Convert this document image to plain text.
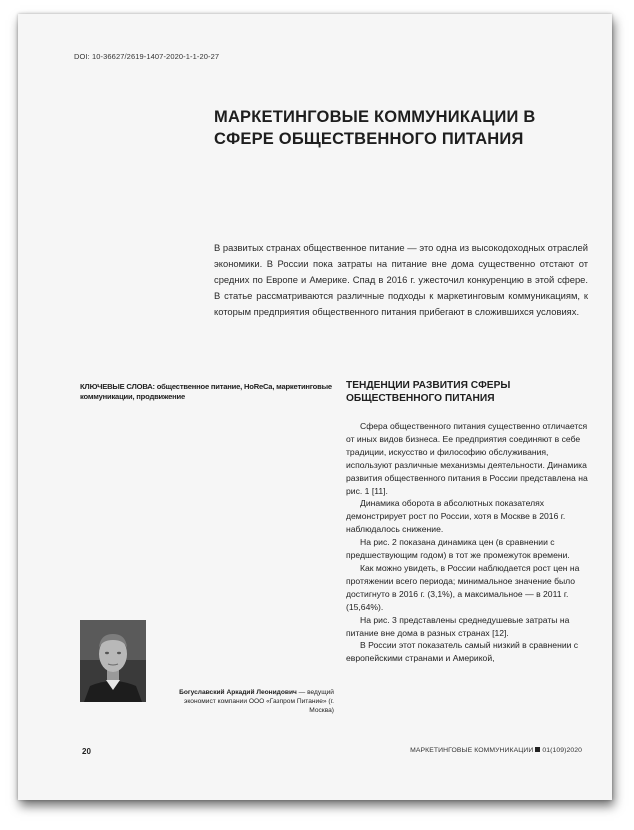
DOI: 10-36627/2619-1407-2020-1-1-20-27
МАРКЕТИНГОВЫЕ КОММУНИКАЦИИ В СФЕРЕ ОБЩЕСТВЕННОГО ПИТАНИЯ

В развитых странах общественное питание — это одна из высокодоходных отраслей экономики. В России пока затраты на питание вне дома существенно отстают от средних по Европе и Америке. Спад в 2016 г. ужесточил конкуренцию в этой сфере. В статье рассматриваются различные подходы к маркетинговым коммуникациям, к которым предприятия общественного питания прибегают в сложившихся условиях.

КЛЮЧЕВЫЕ СЛОВА: общественное питание, HoReCa, маркетинговые коммуникации, продвижение
ТЕНДЕНЦИИ РАЗВИТИЯ СФЕРЫ ОБЩЕСТВЕННОГО ПИТАНИЯ

Сфера общественного питания существенно отличается от иных видов бизнеса. Ее предприятия соединяют в себе традиции, искусство и философию обслуживания, используют различные механизмы деятельности. Динамика развития общественного питания в России представлена на рис. 1 [11].

Динамика оборота в абсолютных показателях демонстрирует рост по России, хотя в Москве в 2016 г. наблюдалось снижение.

На рис. 2 показана динамика цен (в сравнении с предшествующим годом) в тот же промежуток времени.

Как можно увидеть, в России наблюдается рост цен на протяжении всего периода; минимальное значение было достигнуто в 2016 г. (3,1%), а максимальное — в 2011 г. (15,64%).

На рис. 3 представлены среднедушевые затраты на питание вне дома в разных странах [12].

В России этот показатель самый низкий в сравнении с европейскими странами и Америкой,

Богуславский Аркадий Леонидович — ведущий экономист компании ООО «Газпром Питание» (г. Москва)
20	МАРКЕТИНГОВЫЕ КОММУНИКАЦИИ 01(109)2020
